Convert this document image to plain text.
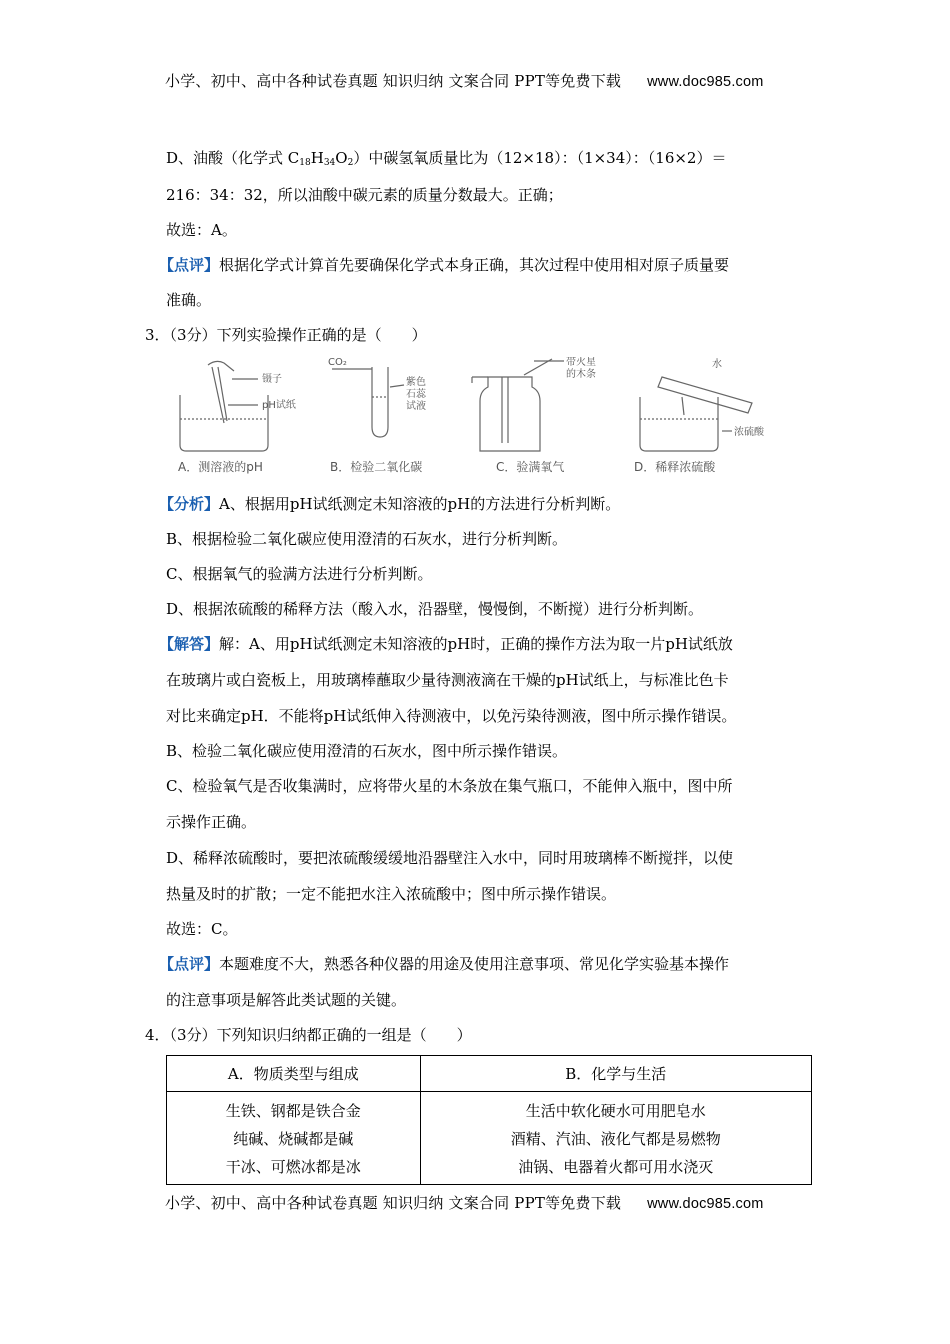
小学、初中、高中各种试卷真题 知识归纳 文案合同 PPT等免费下载 www.doc985.com
D、油酸（化学式 $C_{18}H_{34}O_2$）中碳氢氧质量比为（12×18）：（1×34）：（16×2）＝
216：34：32，所以油酸中碳元素的质量分数最大。正确；
故选：A。
【点评】根据化学式计算首先要确保化学式本身正确，其次过程中使用相对原子质量要
准确。
3．（3分）下列实验操作正确的是（　　）
镊子
pH试纸
CO₂
紫色
石蕊
试液
带火星
的木条
水
浓硫酸
A．测溶液的pH	B．检验二氧化碳	C．验满氧气	D．稀释浓硫酸
【分析】A、根据用pH试纸测定未知溶液的pH的方法进行分析判断。
B、根据检验二氧化碳应使用澄清的石灰水，进行分析判断。
C、根据氧气的验满方法进行分析判断。
D、根据浓硫酸的稀释方法（酸入水，沿器壁，慢慢倒，不断搅）进行分析判断。
【解答】解：A、用pH试纸测定未知溶液的pH时，正确的操作方法为取一片pH试纸放
在玻璃片或白瓷板上，用玻璃棒蘸取少量待测液滴在干燥的pH试纸上，与标准比色卡
对比来确定pH．不能将pH试纸伸入待测液中，以免污染待测液，图中所示操作错误。
B、检验二氧化碳应使用澄清的石灰水，图中所示操作错误。
C、检验氧气是否收集满时，应将带火星的木条放在集气瓶口，不能伸入瓶中，图中所
示操作正确。
D、稀释浓硫酸时，要把浓硫酸缓缓地沿器壁注入水中，同时用玻璃棒不断搅拌，以使
热量及时的扩散；一定不能把水注入浓硫酸中；图中所示操作错误。
故选：C。
【点评】本题难度不大，熟悉各种仪器的用途及使用注意事项、常见化学实验基本操作
的注意事项是解答此类试题的关键。
4．（3分）下列知识归纳都正确的一组是（　　）
A．物质类型与组成	B．化学与生活

生铁、钢都是铁合金
纯碱、烧碱都是碱
干冰、可燃冰都是冰	生活中软化硬水可用肥皂水
酒精、汽油、液化气都是易燃物
油锅、电器着火都可用水浇灭
小学、初中、高中各种试卷真题 知识归纳 文案合同 PPT等免费下载 www.doc985.com
